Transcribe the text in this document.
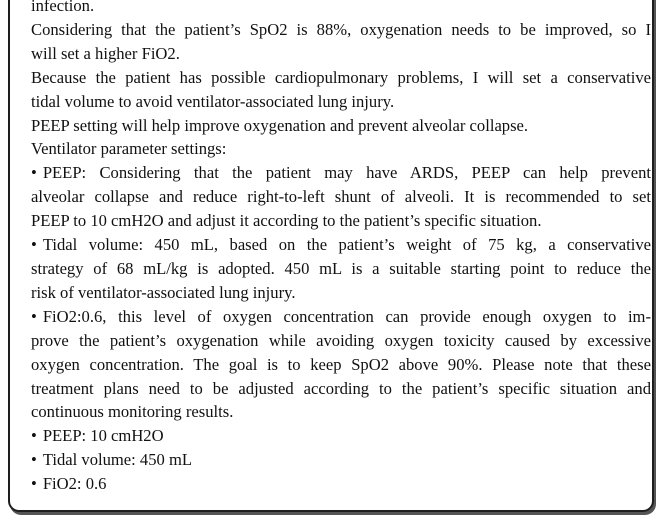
infection.
Considering that the patient’s SpO2 is 88%, oxygenation needs to be improved, so I
will set a higher FiO2.
Because the patient has possible cardiopulmonary problems, I will set a conservative
tidal volume to avoid ventilator-associated lung injury.
PEEP setting will help improve oxygenation and prevent alveolar collapse.
Ventilator parameter settings:
• PEEP: Considering that the patient may have ARDS, PEEP can help prevent
alveolar collapse and reduce right-to-left shunt of alveoli. It is recommended to set
PEEP to 10 cmH2O and adjust it according to the patient’s specific situation.
• Tidal volume: 450 mL, based on the patient’s weight of 75 kg, a conservative
strategy of 68 mL/kg is adopted. 450 mL is a suitable starting point to reduce the
risk of ventilator-associated lung injury.
• FiO2:0.6, this level of oxygen concentration can provide enough oxygen to im-
prove the patient’s oxygenation while avoiding oxygen toxicity caused by excessive
oxygen concentration. The goal is to keep SpO2 above 90%. Please note that these
treatment plans need to be adjusted according to the patient’s specific situation and
continuous monitoring results.
• PEEP: 10 cmH2O
• Tidal volume: 450 mL
• FiO2: 0.6
